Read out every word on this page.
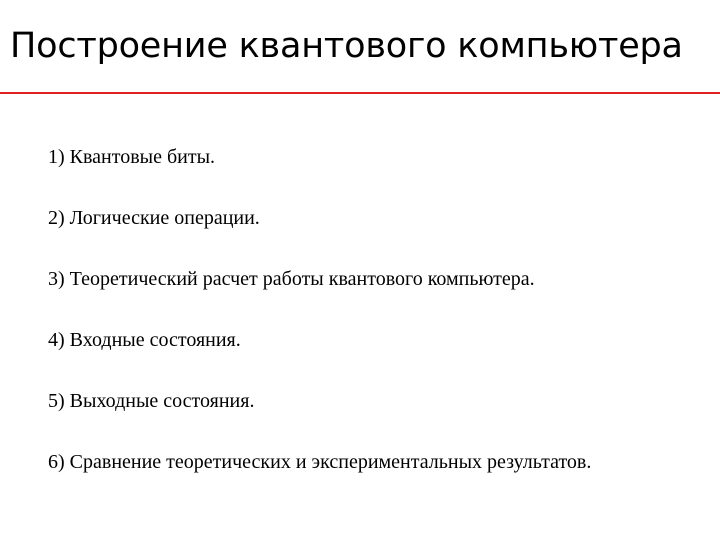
Построение квантового компьютера
1) Квантовые биты.
2) Логические операции.
3) Теоретический расчет работы квантового компьютера.
4) Входные состояния.
5) Выходные состояния.
6) Сравнение теоретических и экспериментальных результатов.
